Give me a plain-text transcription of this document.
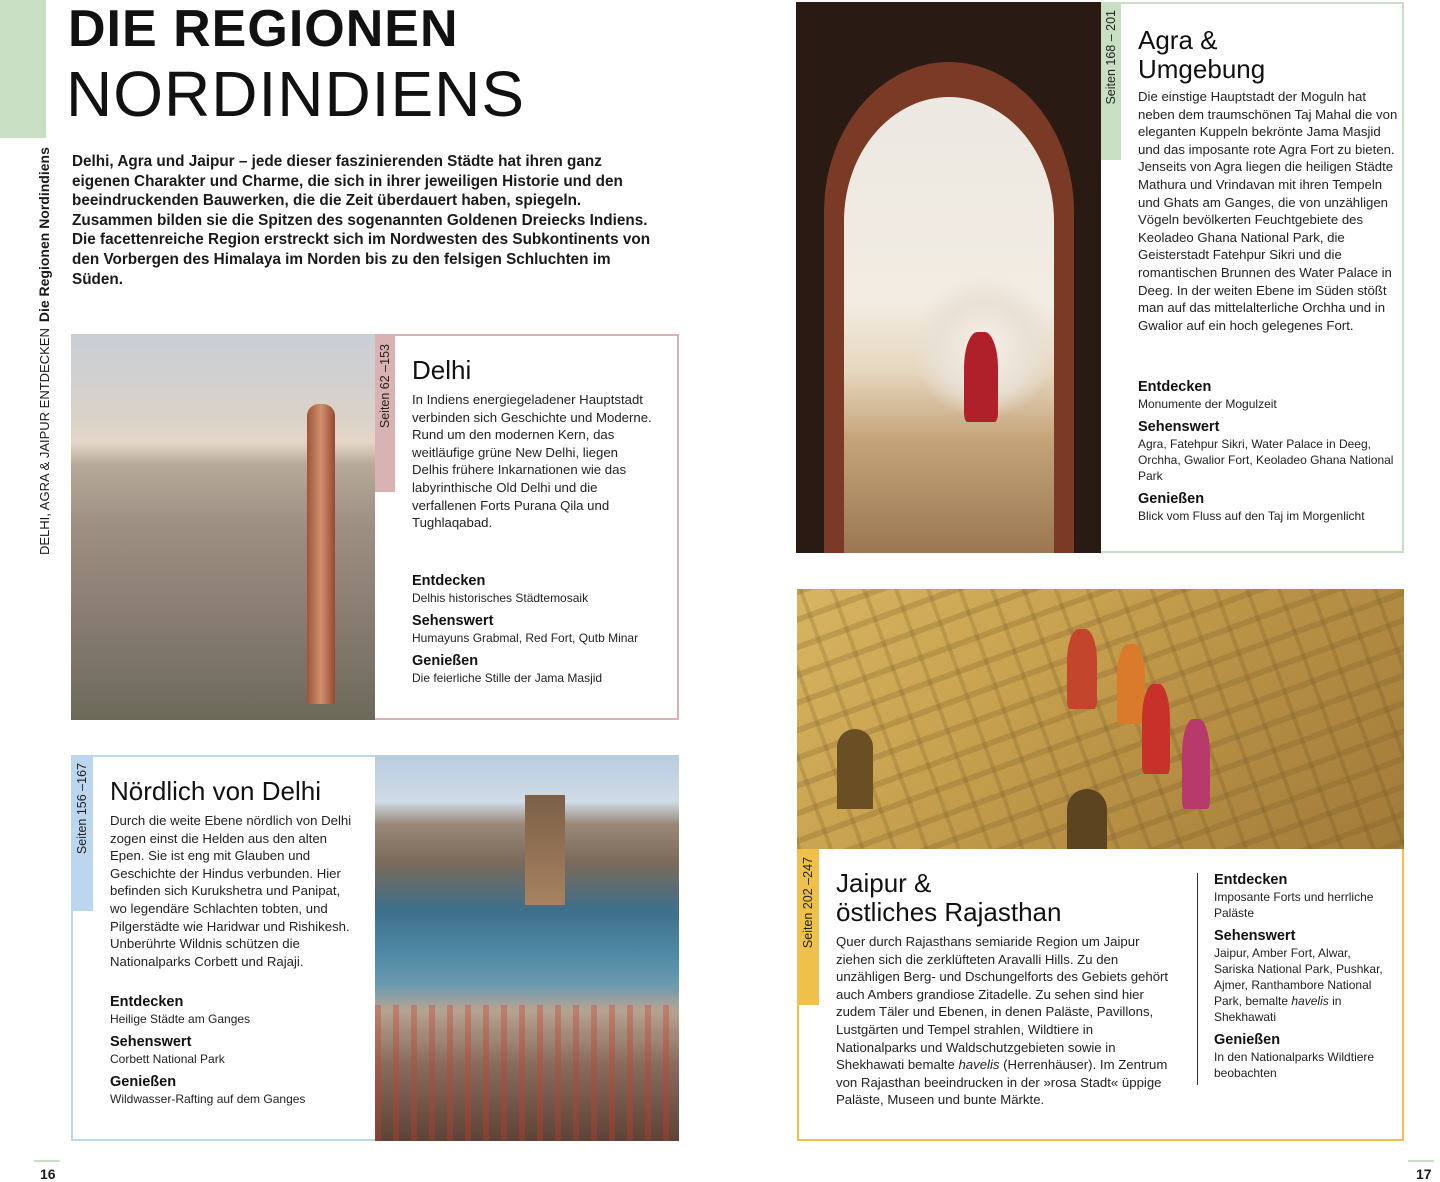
DELHI, AGRA & JAIPUR ENTDECKENDie Regionen Nordindiens
DIE REGIONEN
NORDINDIENS
Delhi, Agra und Jaipur – jede dieser faszinierenden Städte hat ihren ganz eigenen Charakter und Charme, die sich in ihrer jeweiligen Historie und den beeindruckenden Bauwerken, die die Zeit überdauert haben, spiegeln. Zusammen bilden sie die Spitzen des sogenannten Goldenen Dreiecks Indiens. Die facettenreiche Region erstreckt sich im Nordwesten des Subkontinents von den Vorbergen des Himalaya im Norden bis zu den felsigen Schluchten im Süden.
Seiten 62 –153 Delhi
In Indiens energiegeladener Hauptstadt verbinden sich Geschichte und Moderne. Rund um den modernen Kern, das weitläufige grüne New Delhi, liegen Delhis frühere Inkarnationen wie das labyrinthische Old Delhi und die verfallenen Forts Purana Qila und Tughlaqabad.
Entdecken
Delhis historisches Städtemosaik
Sehenswert
Humayuns Grabmal, Red Fort, Qutb Minar
Genießen
Die feierliche Stille der Jama Masjid
Seiten 156 –167 Nördlich von Delhi
Durch die weite Ebene nördlich von Delhi zogen einst die Helden aus den alten Epen. Sie ist eng mit Glauben und Geschichte der Hindus verbunden. Hier befinden sich Kurukshetra und Panipat, wo legendäre Schlachten tobten, und Pilgerstädte wie Haridwar und Rishikesh. Unberührte Wildnis schützen die Nationalparks Corbett und Rajaji.
Entdecken
Heilige Städte am Ganges
Sehenswert
Corbett National Park
Genießen
Wildwasser-Rafting auf dem Ganges
16
Seiten 168 – 201 Agra &
Umgebung
Die einstige Hauptstadt der Moguln hat neben dem traumschönen Taj Mahal die von eleganten Kuppeln bekrönte Jama Masjid und das imposante rote Agra Fort zu bieten. Jenseits von Agra liegen die heiligen Städte Mathura und Vrindavan mit ihren Tempeln und Ghats am Ganges, die von unzähligen Vögeln bevölkerten Feuchtgebiete des Keoladeo Ghana National Park, die Geisterstadt Fatehpur Sikri und die romantischen Brunnen des Water Palace in Deeg. In der weiten Ebene im Süden stößt man auf das mittelalterliche Orchha und in Gwalior auf ein hoch gelegenes Fort.
Entdecken
Monumente der Mogulzeit
Sehenswert
Agra, Fatehpur Sikri, Water Palace in Deeg, Orchha, Gwalior Fort, Keoladeo Ghana National Park
Genießen
Blick vom Fluss auf den Taj im Morgenlicht
Seiten 202 –247 Jaipur &
östliches Rajasthan
Quer durch Rajasthans semiaride Region um Jaipur ziehen sich die zerklüfteten Aravalli Hills. Zu den unzähligen Berg- und Dschungelforts des Gebiets gehört auch Ambers grandiose Zitadelle. Zu sehen sind hier zudem Täler und Ebenen, in denen Paläste, Pavillons, Lustgärten und Tempel strahlen, Wildtiere in Nationalparks und Waldschutzgebieten sowie in Shekhawati bemalte havelis (Herrenhäuser). Im Zentrum von Rajasthan beeindrucken in der »rosa Stadt« üppige Paläste, Museen und bunte Märkte.
Entdecken
Imposante Forts und herrliche Paläste
Sehenswert
Jaipur, Amber Fort, Alwar, Sariska National Park, Pushkar, Ajmer, Ranthambore National Park, bemalte havelis in Shekhawati
Genießen
In den Nationalparks Wildtiere beobachten
17
